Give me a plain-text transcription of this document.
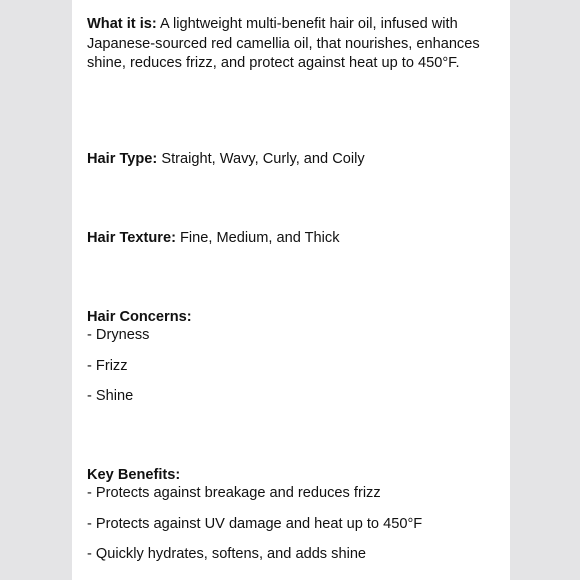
What it is: A lightweight multi-benefit hair oil, infused with Japanese-sourced red camellia oil, that nourishes, enhances shine, reduces frizz, and protect against heat up to 450°F.
Hair Type: Straight, Wavy, Curly, and Coily
Hair Texture: Fine, Medium, and Thick
Hair Concerns:
- Dryness
- Frizz
- Shine
Key Benefits:
- Protects against breakage and reduces frizz
- Protects against UV damage and heat up to 450°F
- Quickly hydrates, softens, and adds shine
